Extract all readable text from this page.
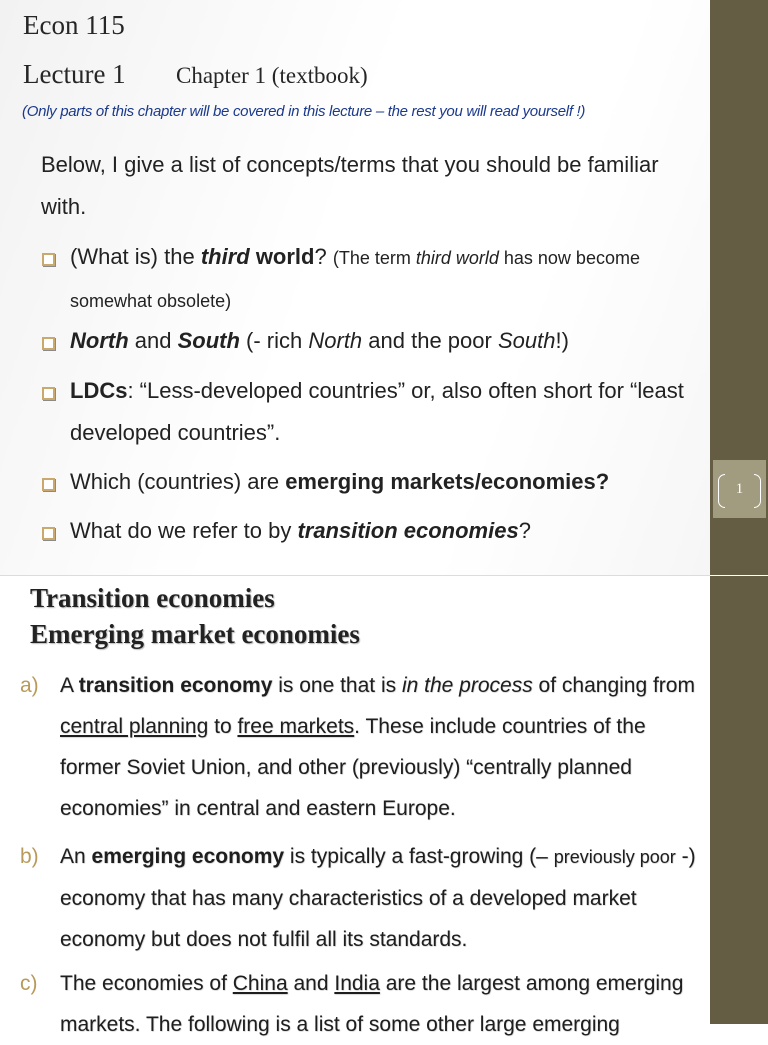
1
Econ 115
Lecture 1 Chapter 1 (textbook)
(Only parts of this chapter will be covered in this lecture – the rest you will read yourself !)
Below, I give a list of concepts/terms that you should be familiar with.
(What is) the third world? (The term third world has now become somewhat obsolete)
North and South (- rich North and the poor South!)
LDCs: “Less-developed countries” or, also often short for “least developed countries”.
Which (countries) are emerging markets/economies?
What do we refer to by transition economies?
Transition economies
Emerging market economies
a)	A transition economy is one that is in the process of changing from central planning to free markets. These include countries of the former Soviet Union, and other (previously) “centrally planned economies” in central and eastern Europe.
b)	An emerging economy is typically a fast-growing (– previously poor -) economy that has many characteristics of a developed market economy but does not fulfil all its standards.
c)	The economies of China and India are the largest among emerging markets. The following is a list of some other large emerging
